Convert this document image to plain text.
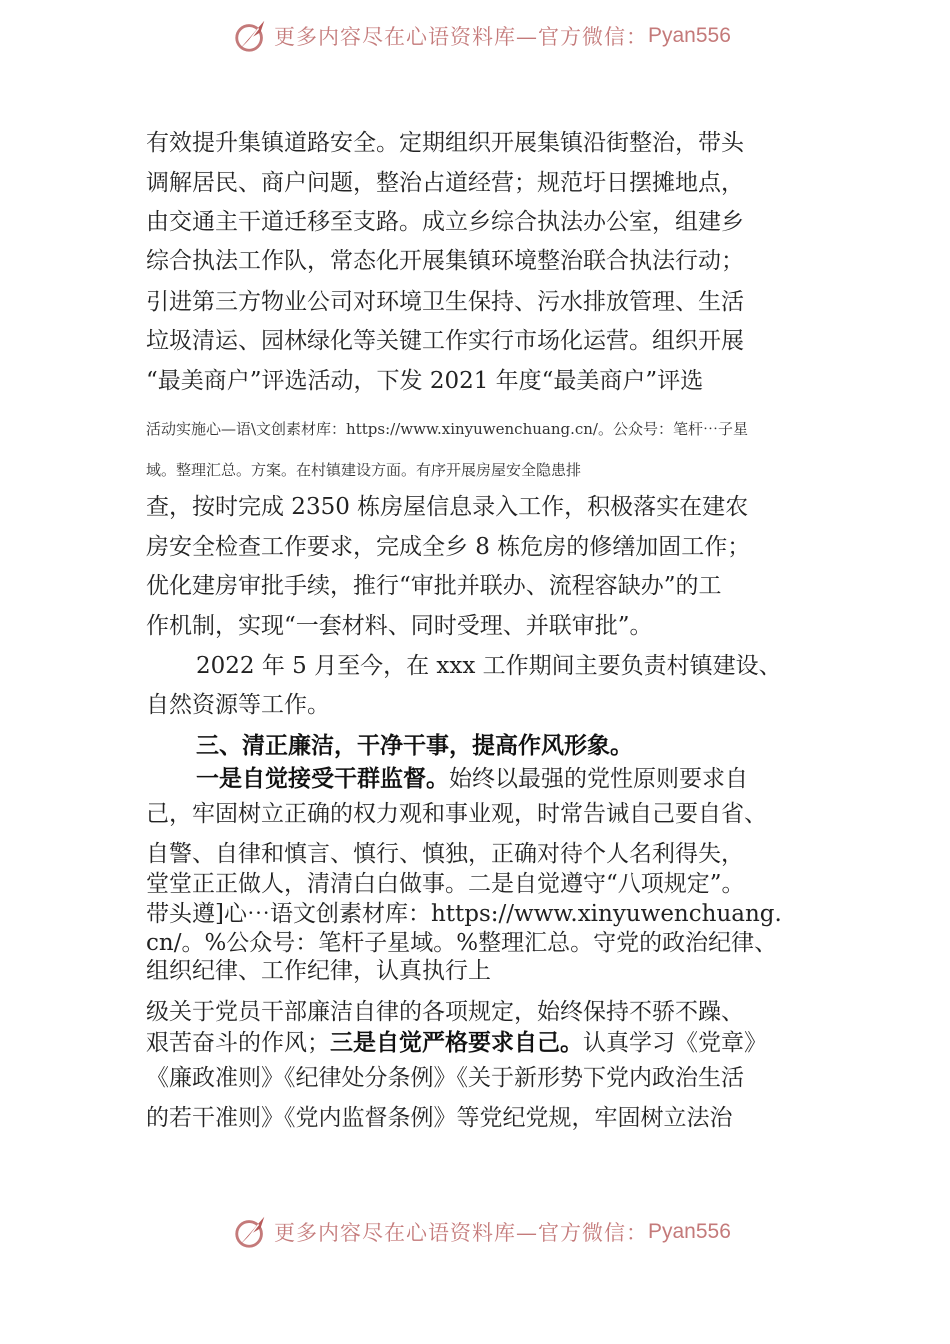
更多内容尽在心语资料库—官方微信： Pyan556
有效提升集镇道路安全。定期组织开展集镇沿街整治，带头
调解居民、商户问题，整治占道经营；规范圩日摆摊地点，
由交通主干道迁移至支路。成立乡综合执法办公室，组建乡
综合执法工作队，常态化开展集镇环境整治联合执法行动；
引进第三方物业公司对环境卫生保持、污水排放管理、生活
垃圾清运、园林绿化等关键工作实行市场化运营。组织开展
“最美商户”评选活动，下发 2021 年度“最美商户”评选
活动实施心—语\文创素材库：https://www.xinyuwenchuang.cn/。公众号：笔杆⋯子星
域。整理汇总。方案。在村镇建设方面。有序开展房屋安全隐患排
查，按时完成 2350 栋房屋信息录入工作，积极落实在建农
房安全检查工作要求，完成全乡 8 栋危房的修缮加固工作；
优化建房审批手续，推行“审批并联办、流程容缺办”的工
作机制，实现“一套材料、同时受理、并联审批”。
2022 年 5 月至今，在 xxx 工作期间主要负责村镇建设、
自然资源等工作。
三、清正廉洁，干净干事，提高作风形象。
一是自觉接受干群监督。始终以最强的党性原则要求自
己，牢固树立正确的权力观和事业观，时常告诫自己要自省、
自警、自律和慎言、慎行、慎独，正确对待个人名利得失，
堂堂正正做人，清清白白做事。二是自觉遵守“八项规定”。
带头遵]心⋯语文创素材库：https://www.xinyuwenchuang.
cn/。%公众号：笔杆子星域。%整理汇总。守党的政治纪律、
组织纪律、工作纪律，认真执行上
级关于党员干部廉洁自律的各项规定，始终保持不骄不躁、
艰苦奋斗的作风；三是自觉严格要求自己。认真学习《党章》
《廉政准则》《纪律处分条例》《关于新形势下党内政治生活
的若干准则》《党内监督条例》等党纪党规，牢固树立法治
更多内容尽在心语资料库—官方微信： Pyan556
